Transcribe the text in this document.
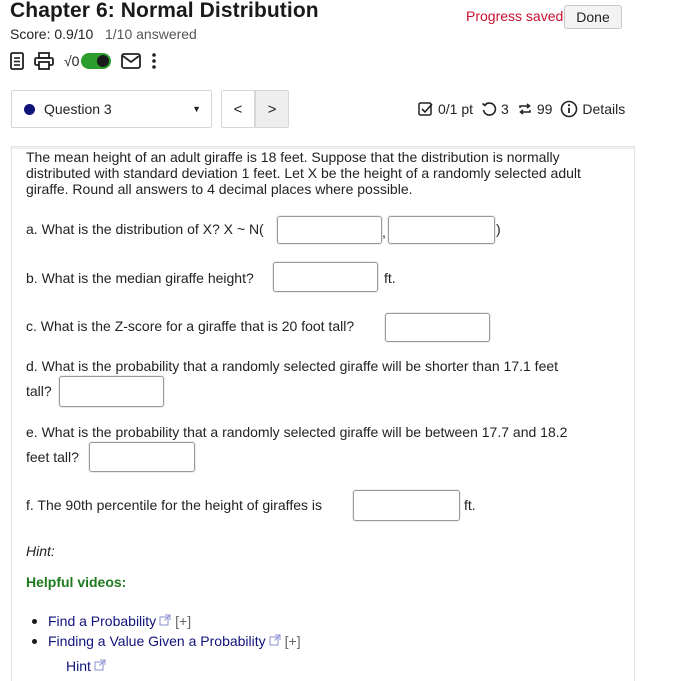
Chapter 6: Normal Distribution	Progress saved Done
Score: 0.9/10 1/10 answered
√0
Question 3	▼	<	>	0/1 pt 3 99 Details
The mean height of an adult giraffe is 18 feet. Suppose that the distribution is normally distributed with standard deviation 1 feet. Let X be the height of a randomly selected adult giraffe. Round all answers to 4 decimal places where possible.
a. What is the distribution of X? X ~ N(	,	)
b. What is the median giraffe height?	ft.
c. What is the Z-score for a giraffe that is 20 foot tall?
d. What is the probability that a randomly selected giraffe will be shorter than 17.1 feet
tall?
e. What is the probability that a randomly selected giraffe will be between 17.7 and 18.2
feet tall?
f. The 90th percentile for the height of giraffes is	ft.
Hint:
Helpful videos:
Find a Probability [+]
Finding a Value Given a Probability [+]
Hint
